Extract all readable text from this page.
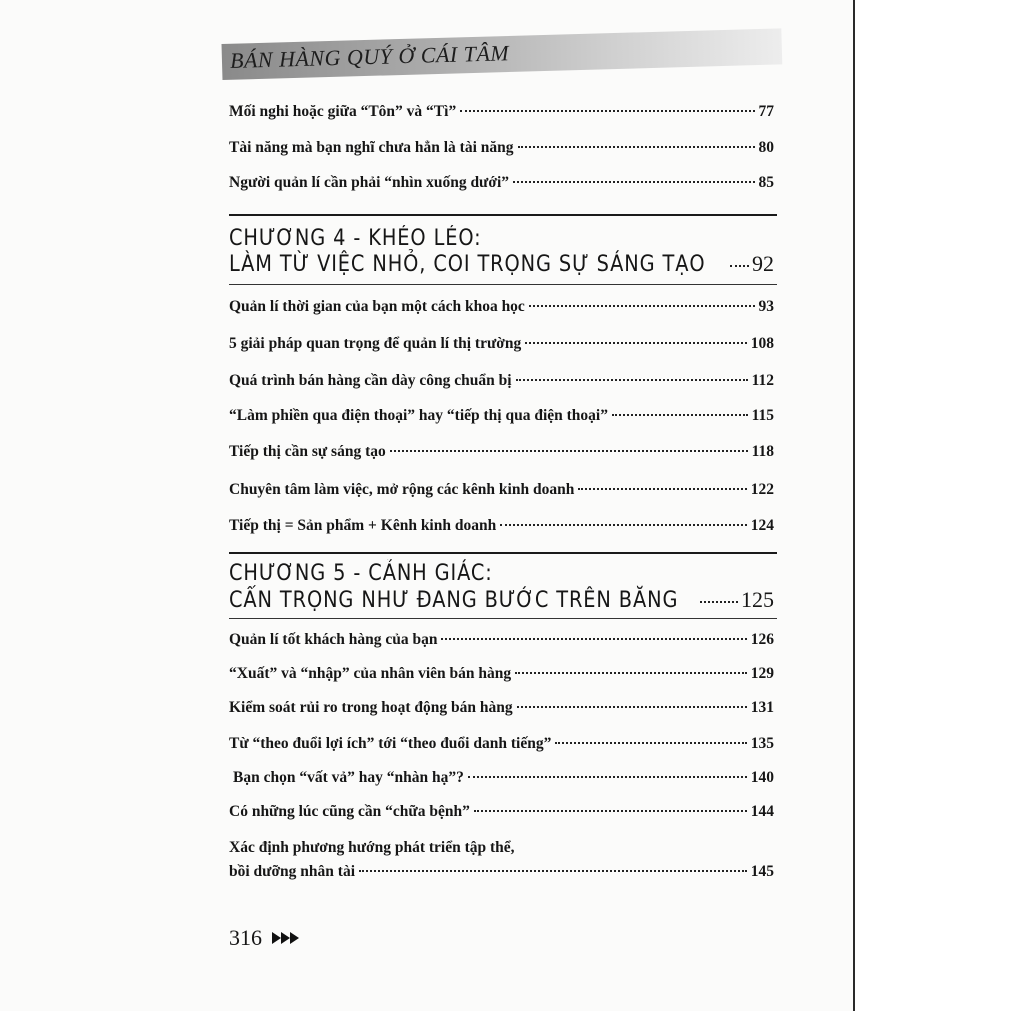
BÁN HÀNG QUÝ Ở CÁI TÂM
Mối nghi hoặc giữa “Tôn” và “Tì”	77
Tài năng mà bạn nghĩ chưa hẳn là tài năng	80
Người quản lí cần phải “nhìn xuống dưới”	85
CHƯƠNG 4 - KHÉO LÉO:
LÀM TỪ VIỆC NHỎ, COI TRỌNG SỰ SÁNG TẠO 92
Quản lí thời gian của bạn một cách khoa học	93
5 giải pháp quan trọng để quản lí thị trường	108
Quá trình bán hàng cần dày công chuẩn bị	112
“Làm phiền qua điện thoại” hay “tiếp thị qua điện thoại”	115
Tiếp thị cần sự sáng tạo	118
Chuyên tâm làm việc, mở rộng các kênh kinh doanh	122
Tiếp thị = Sản phẩm + Kênh kinh doanh	124
CHƯƠNG 5 - CẢNH GIÁC:
CẨN TRỌNG NHƯ ĐANG BƯỚC TRÊN BĂNG	125
Quản lí tốt khách hàng của bạn	126
“Xuất” và “nhập” của nhân viên bán hàng	129
Kiểm soát rủi ro trong hoạt động bán hàng	131
Từ “theo đuổi lợi ích” tới “theo đuổi danh tiếng”	135
Bạn chọn “vất vả” hay “nhàn hạ”?	140
Có những lúc cũng cần “chữa bệnh”	144
Xác định phương hướng phát triển tập thể,
bồi dưỡng nhân tài	145
316
